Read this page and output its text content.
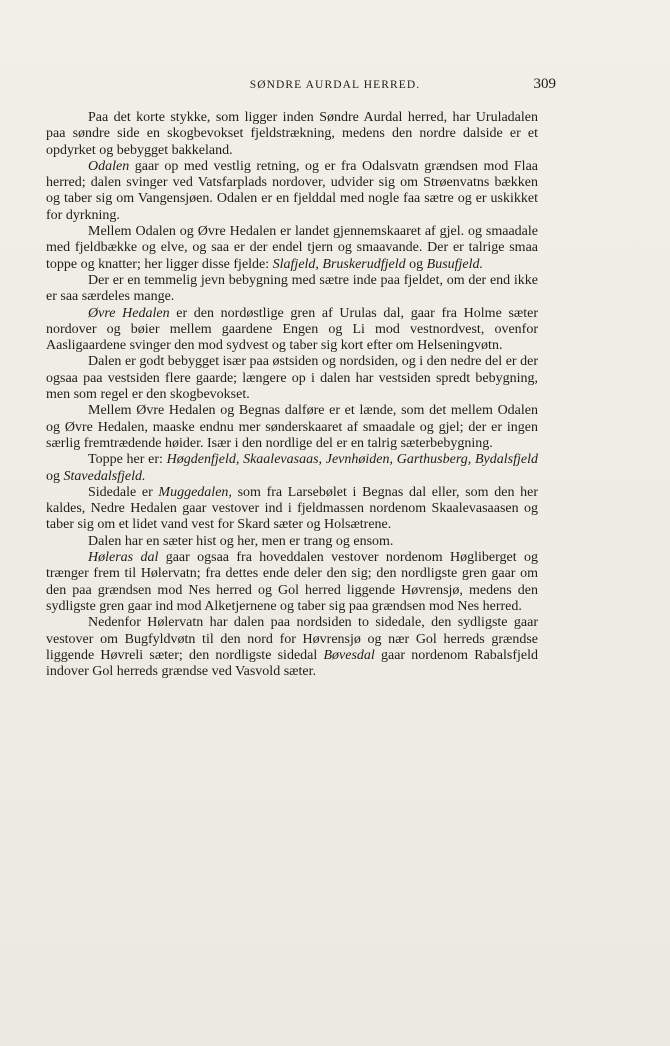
SØNDRE AURDAL HERRED.	309

Paa det korte stykke, som ligger inden Søndre Aurdal herred, har Uruladalen paa søndre side en skogbevokset fjeldstrækning, medens den nordre dalside er et opdyrket og bebygget bakkeland.

Odalen gaar op med vestlig retning, og er fra Odalsvatn grændsen mod Flaa herred; dalen svinger ved Vatsfarplads nordover, udvider sig om Strøenvatns bækken og taber sig om Vangensjøen. Odalen er en fjelddal med nogle faa sætre og er uskikket for dyrkning.

Mellem Odalen og Øvre Hedalen er landet gjennemskaaret af gjel. og smaadale med fjeldbække og elve, og saa er der endel tjern og smaavande. Der er talrige smaa toppe og knatter; her ligger disse fjelde: Slafjeld, Bruskerudfjeld og Busufjeld.

Der er en temmelig jevn bebygning med sætre inde paa fjeldet, om der end ikke er saa særdeles mange.

Øvre Hedalen er den nordøstlige gren af Urulas dal, gaar fra Holme sæter nordover og bøier mellem gaardene Engen og Li mod vestnordvest, ovenfor Aasligaardene svinger den mod sydvest og taber sig kort efter om Helseningvøtn.

Dalen er godt bebygget især paa østsiden og nordsiden, og i den nedre del er der ogsaa paa vestsiden flere gaarde; længere op i dalen har vestsiden spredt bebygning, men som regel er den skogbevokset.

Mellem Øvre Hedalen og Begnas dalføre er et lænde, som det mellem Odalen og Øvre Hedalen, maaske endnu mer sønderskaaret af smaadale og gjel; der er ingen særlig fremtrædende høider. Især i den nordlige del er en talrig sæterbebygning.

Toppe her er: Høgdenfjeld, Skaalevasaas, Jevnhøiden, Garthusberg, Bydalsfjeld og Stavedalsfjeld.

Sidedale er Muggedalen, som fra Larsebølet i Begnas dal eller, som den her kaldes, Nedre Hedalen gaar vestover ind i fjeldmassen nordenom Skaalevasaasen og taber sig om et lidet vand vest for Skard sæter og Holsætrene.

Dalen har en sæter hist og her, men er trang og ensom.

Høleras dal gaar ogsaa fra hoveddalen vestover nordenom Høgliberget og trænger frem til Hølervatn; fra dettes ende deler den sig; den nordligste gren gaar om den paa grændsen mod Nes herred og Gol herred liggende Høvrensjø, medens den sydligste gren gaar ind mod Alketjernene og taber sig paa grændsen mod Nes herred.

Nedenfor Hølervatn har dalen paa nordsiden to sidedale, den sydligste gaar vestover om Bugfyldvøtn til den nord for Høvrensjø og nær Gol herreds grændse liggende Høvreli sæter; den nordligste sidedal Bøvesdal gaar nordenom Rabalsfjeld indover Gol herreds grændse ved Vasvold sæter.
